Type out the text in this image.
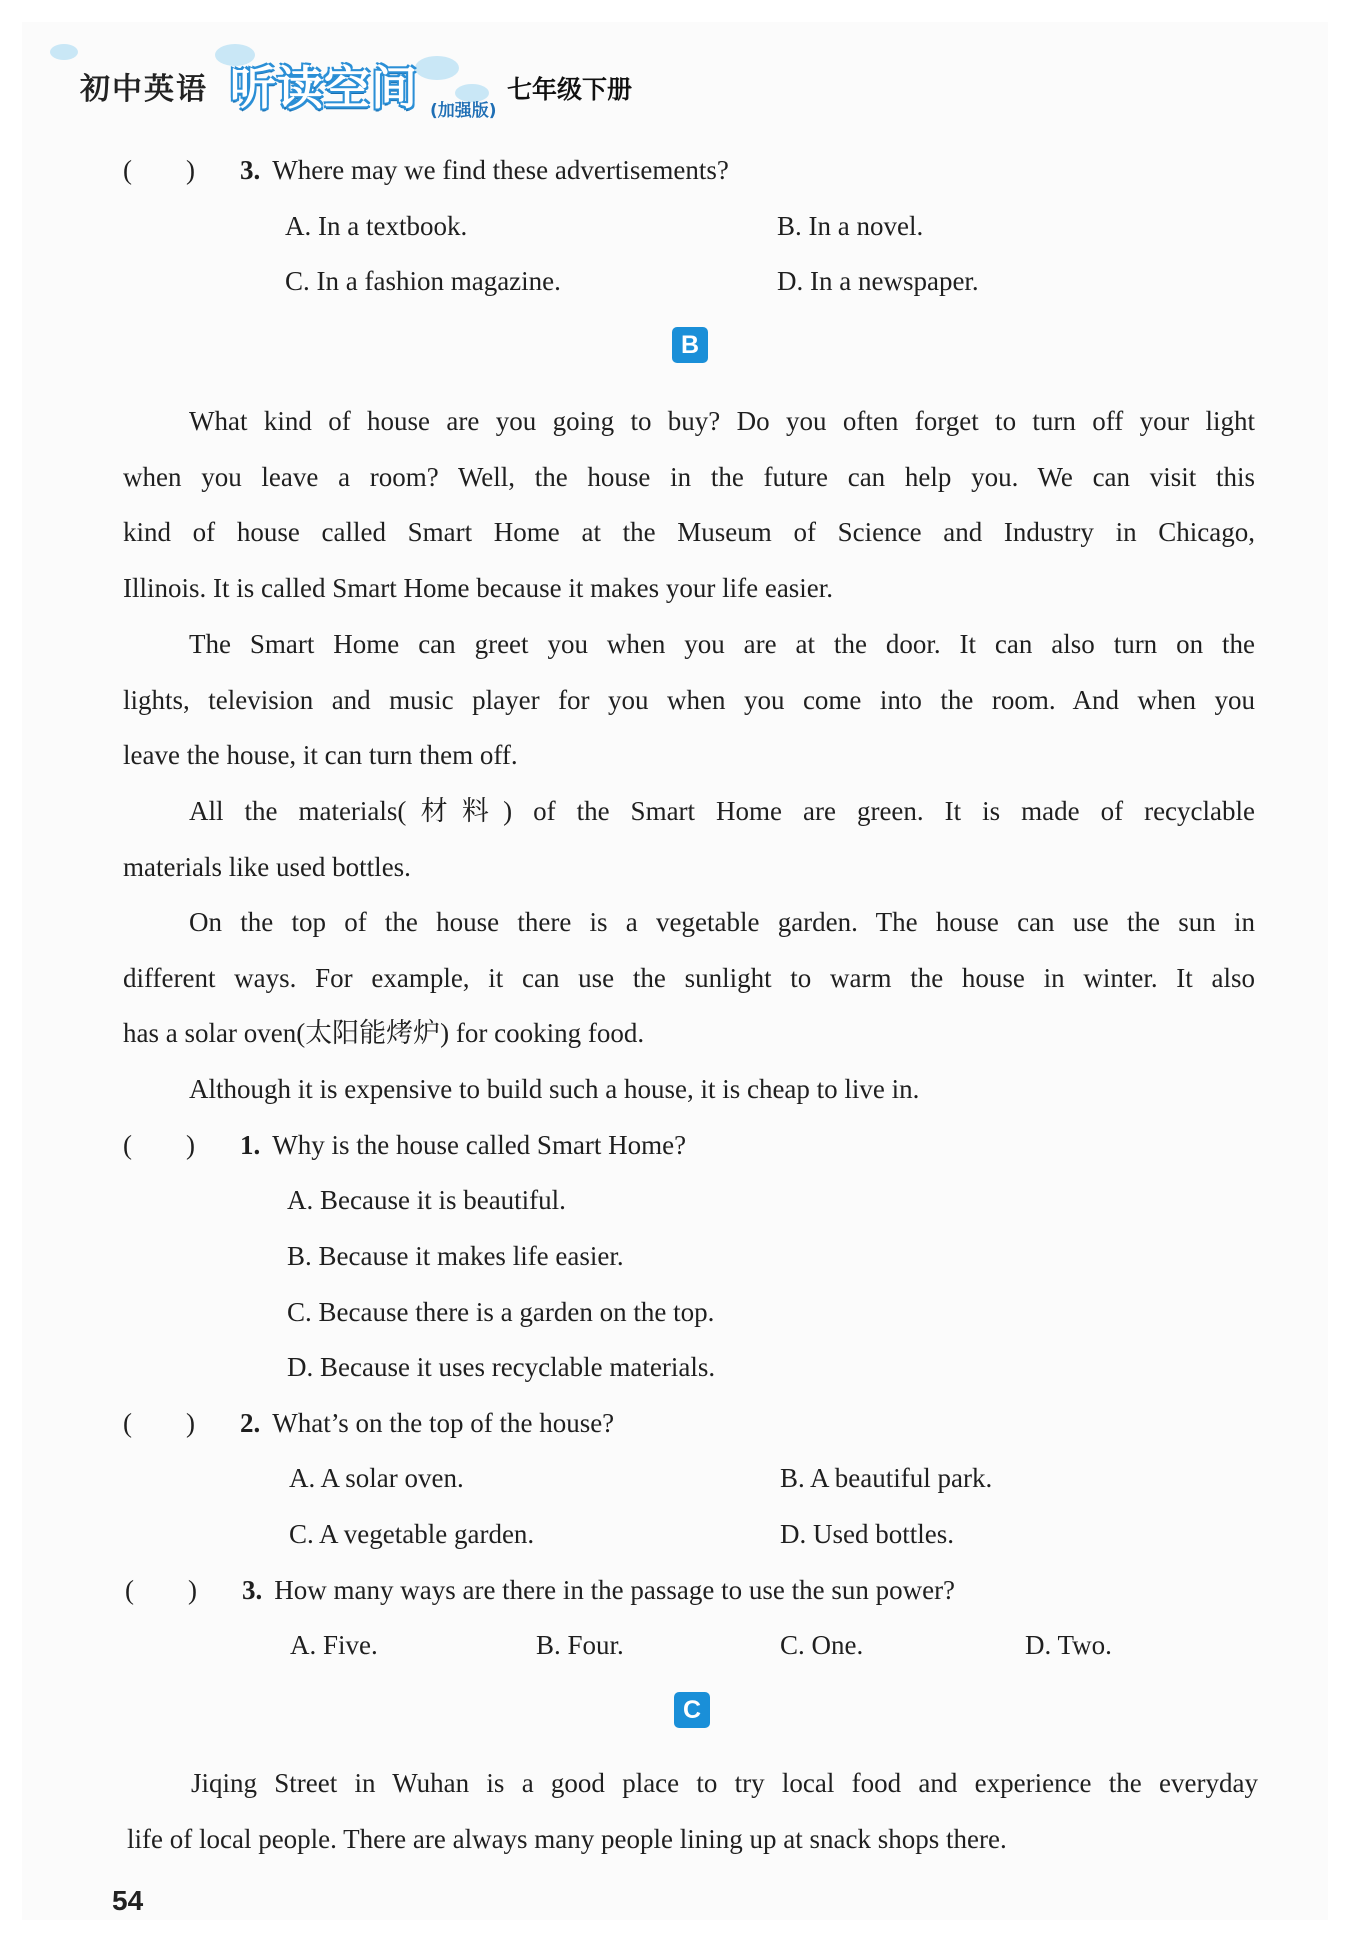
初中英语 听读空间 (加强版)
七年级下册
(　　) 3. Where may we find these advertisements?
A. In a textbook.	B. In a novel.
C. In a fashion magazine.	D. In a newspaper.
B
What kind of house are you going to buy? Do you often forget to turn off your light
when you leave a room? Well, the house in the future can help you. We can visit this
kind of house called Smart Home at the Museum of Science and Industry in Chicago,
Illinois. It is called Smart Home because it makes your life easier.
The Smart Home can greet you when you are at the door. It can also turn on the
lights, television and music player for you when you come into the room. And when you
leave the house, it can turn them off.
All the materials(材料) of the Smart Home are green. It is made of recyclable
materials like used bottles.
On the top of the house there is a vegetable garden. The house can use the sun in
different ways. For example, it can use the sunlight to warm the house in winter. It also
has a solar oven(太阳能烤炉) for cooking food.
Although it is expensive to build such a house, it is cheap to live in.
(　　) 1. Why is the house called Smart Home?
A. Because it is beautiful.
B. Because it makes life easier.
C. Because there is a garden on the top.
D. Because it uses recyclable materials.
(　　) 2. What’s on the top of the house?
A. A solar oven.	B. A beautiful park.
C. A vegetable garden.	D. Used bottles.
(　　) 3. How many ways are there in the passage to use the sun power?
A. Five.	B. Four.	C. One.	D. Two.
C
Jiqing Street in Wuhan is a good place to try local food and experience the everyday
life of local people. There are always many people lining up at snack shops there.
54
